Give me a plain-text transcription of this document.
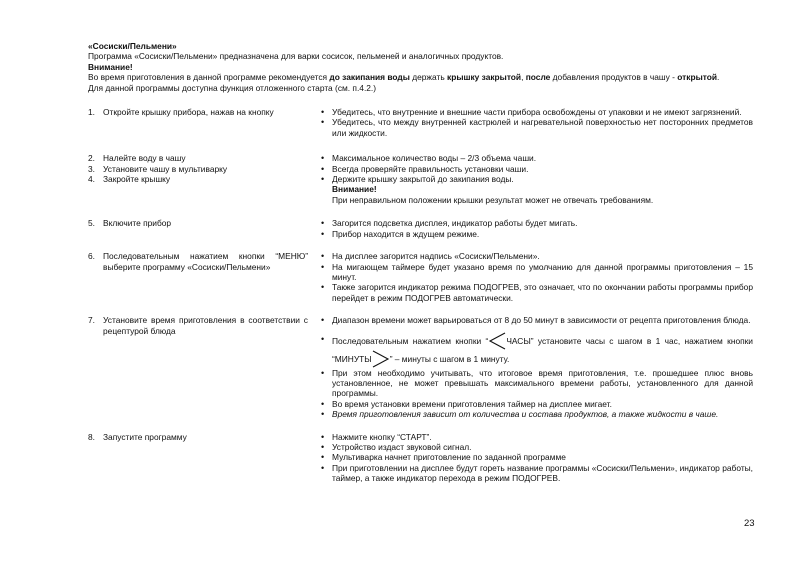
«Сосиски/Пельмени»
Программа «Сосиски/Пельмени» предназначена для варки сосисок, пельменей и аналогичных продуктов.
Внимание!
Во время приготовления в данной программе рекомендуется до закипания воды держать крышку закрытой, после добавления продуктов в чашу - открытой.
Для данной программы доступна функция отложенного старта (см. п.4.2.)
1. Откройте крышку прибора, нажав на кнопку	• Убедитесь, что внутренние и внешние части прибора освобождены от упаковки и не имеют загрязнений.
• Убедитесь, что между внутренней кастрюлей и нагревательной поверхностью нет посторонних предметов или жидкости.
2. Налейте воду в чашу
3. Установите чашу в мультиварку
4. Закройте крышку
• Максимальное количество воды – 2/3 объема чаши.
• Всегда проверяйте правильность установки чаши.
• Держите крышку закрытой до закипания воды.
Внимание!
При неправильном положении крышки результат может не отвечать требованиям.
5. Включите прибор	• Загорится подсветка дисплея, индикатор работы будет мигать.
• Прибор находится в ждущем режиме.
6. Последовательным нажатием кнопки “МЕНЮ” выберите программу «Сосиски/Пельмени»
• На дисплее загорится надпись «Сосиски/Пельмени».
• На мигающем таймере будет указано время по умолчанию для данной программы приготовления – 15 минут.
• Также загорится индикатор режима ПОДОГРЕВ, это означает, что по окончании работы программы прибор перейдет в режим ПОДОГРЕВ автоматически.
7. Установите время приготовления в соответствии с рецептурой блюда
• Диапазон времени может варьироваться от 8 до 50 минут в зависимости от рецепта приготовления блюда.
• Последовательным нажатием кнопки “ ЧАСЫ” установите часы с шагом в 1 час, нажатием кнопки “МИНУТЫ ” – минуты с шагом в 1 минуту.
• При этом необходимо учитывать, что итоговое время приготовления, т.е. прошедшее плюс вновь установленное, не может превышать максимального времени работы, установленного для данной программы.
• Во время установки времени приготовления таймер на дисплее мигает.
• Время приготовления зависит от количества и состава продуктов, а также жидкости в чаше.
8. Запустите программу	• Нажмите кнопку “СТАРТ”.
• Устройство издаст звуковой сигнал.
• Мультиварка начнет приготовление по заданной программе
• При приготовлении на дисплее будут гореть название программы «Сосиски/Пельмени», индикатор работы, таймер, а также индикатор перехода в режим ПОДОГРЕВ.
23
